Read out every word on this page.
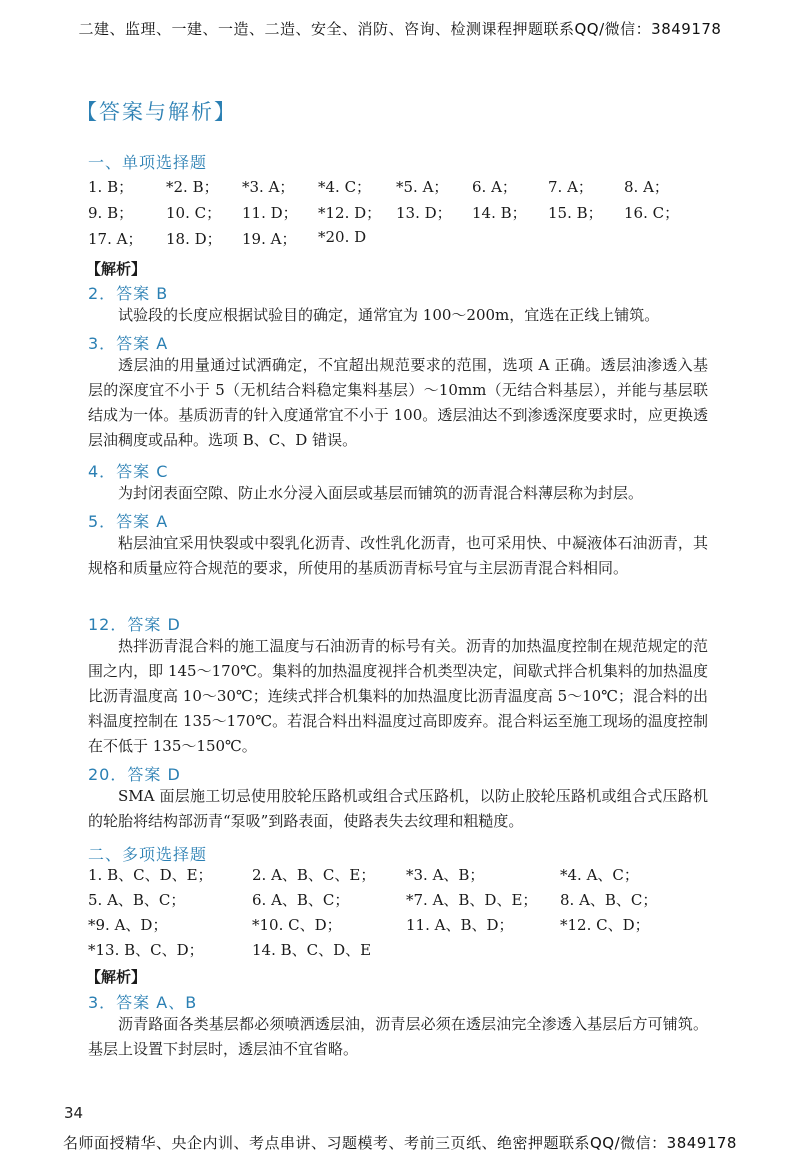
二建、监理、一建、一造、二造、安全、消防、咨询、检测课程押题联系QQ/微信：3849178
【答案与解析】
一、单项选择题
1. B； *2. B； *3. A； *4. C； *5. A； 6. A； 7. A； 8. A；
9. B； 10. C； 11. D； *12. D； 13. D； 14. B； 15. B； 16. C；
17. A； 18. D； 19. A； *20. D
【解析】
2．答案 B
试验段的长度应根据试验目的确定，通常宜为 100～200m，宜选在正线上铺筑。
3．答案 A
透层油的用量通过试洒确定，不宜超出规范要求的范围，选项 A 正确。透层油渗透入基层的深度宜不小于 5（无机结合料稳定集料基层）～10mm（无结合料基层），并能与基层联结成为一体。基质沥青的针入度通常宜不小于 100。透层油达不到渗透深度要求时，应更换透层油稠度或品种。选项 B、C、D 错误。
4．答案 C
为封闭表面空隙、防止水分浸入面层或基层而铺筑的沥青混合料薄层称为封层。
5．答案 A
粘层油宜采用快裂或中裂乳化沥青、改性乳化沥青，也可采用快、中凝液体石油沥青，其规格和质量应符合规范的要求，所使用的基质沥青标号宜与主层沥青混合料相同。
12．答案 D
热拌沥青混合料的施工温度与石油沥青的标号有关。沥青的加热温度控制在规范规定的范围之内，即 145～170℃。集料的加热温度视拌合机类型决定，间歇式拌合机集料的加热温度比沥青温度高 10～30℃；连续式拌合机集料的加热温度比沥青温度高 5～10℃；混合料的出料温度控制在 135～170℃。若混合料出料温度过高即废弃。混合料运至施工现场的温度控制在不低于 135～150℃。
20．答案 D
SMA 面层施工切忌使用胶轮压路机或组合式压路机，以防止胶轮压路机或组合式压路机的轮胎将结构部沥青“泵吸”到路表面，使路表失去纹理和粗糙度。
二、多项选择题
1. B、C、D、E；	2. A、B、C、E； *3. A、B；	*4. A、C；
5. A、B、C；	6. A、B、C；	*7. A、B、D、E； 8. A、B、C；
*9. A、D；	*10. C、D；	11. A、B、D；	*12. C、D；
*13. B、C、D；	14. B、C、D、E
【解析】
3．答案 A、B
沥青路面各类基层都必须喷洒透层油，沥青层必须在透层油完全渗透入基层后方可铺筑。基层上设置下封层时，透层油不宜省略。
34
名师面授精华、央企内训、考点串讲、习题模考、考前三页纸、绝密押题联系QQ/微信：3849178
